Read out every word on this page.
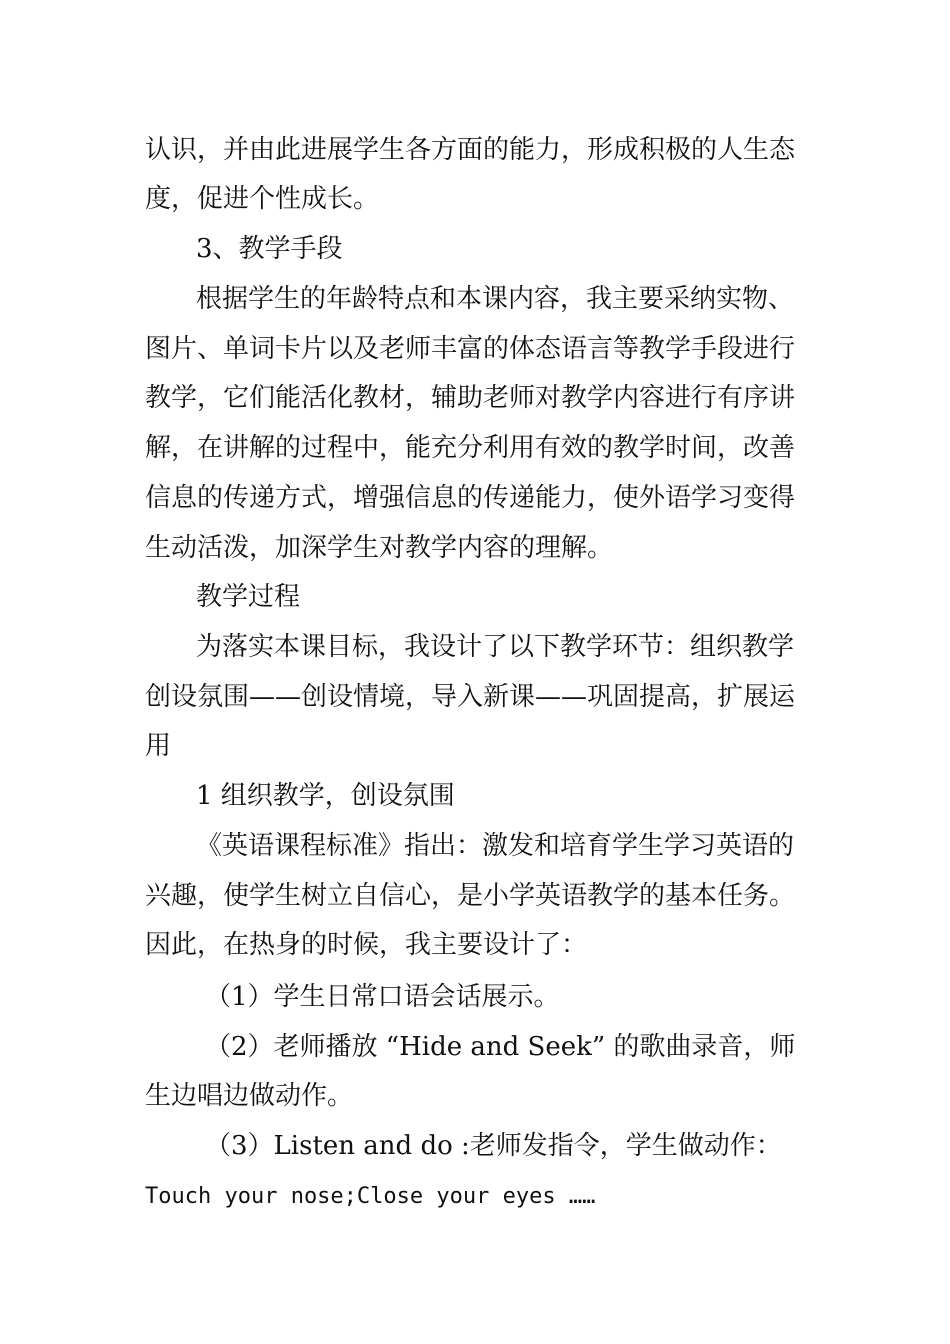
认识，并由此进展学生各方面的能力，形成积极的人生态
度，促进个性成长。
3、教学手段
根据学生的年龄特点和本课内容，我主要采纳实物、
图片、单词卡片以及老师丰富的体态语言等教学手段进行
教学，它们能活化教材，辅助老师对教学内容进行有序讲
解，在讲解的过程中，能充分利用有效的教学时间，改善
信息的传递方式，增强信息的传递能力，使外语学习变得
生动活泼，加深学生对教学内容的理解。
教学过程
为落实本课目标，我设计了以下教学环节：组织教学
创设氛围——创设情境，导入新课——巩固提高，扩展运
用
1 组织教学，创设氛围
《英语课程标准》指出：激发和培育学生学习英语的
兴趣，使学生树立自信心，是小学英语教学的基本任务。
因此，在热身的时候，我主要设计了：
（1）学生日常口语会话展示。
（2）老师播放 “Hide and Seek” 的歌曲录音，师
生边唱边做动作。
（3）Listen and do :老师发指令，学生做动作：
Touch your nose;Close your eyes ……
